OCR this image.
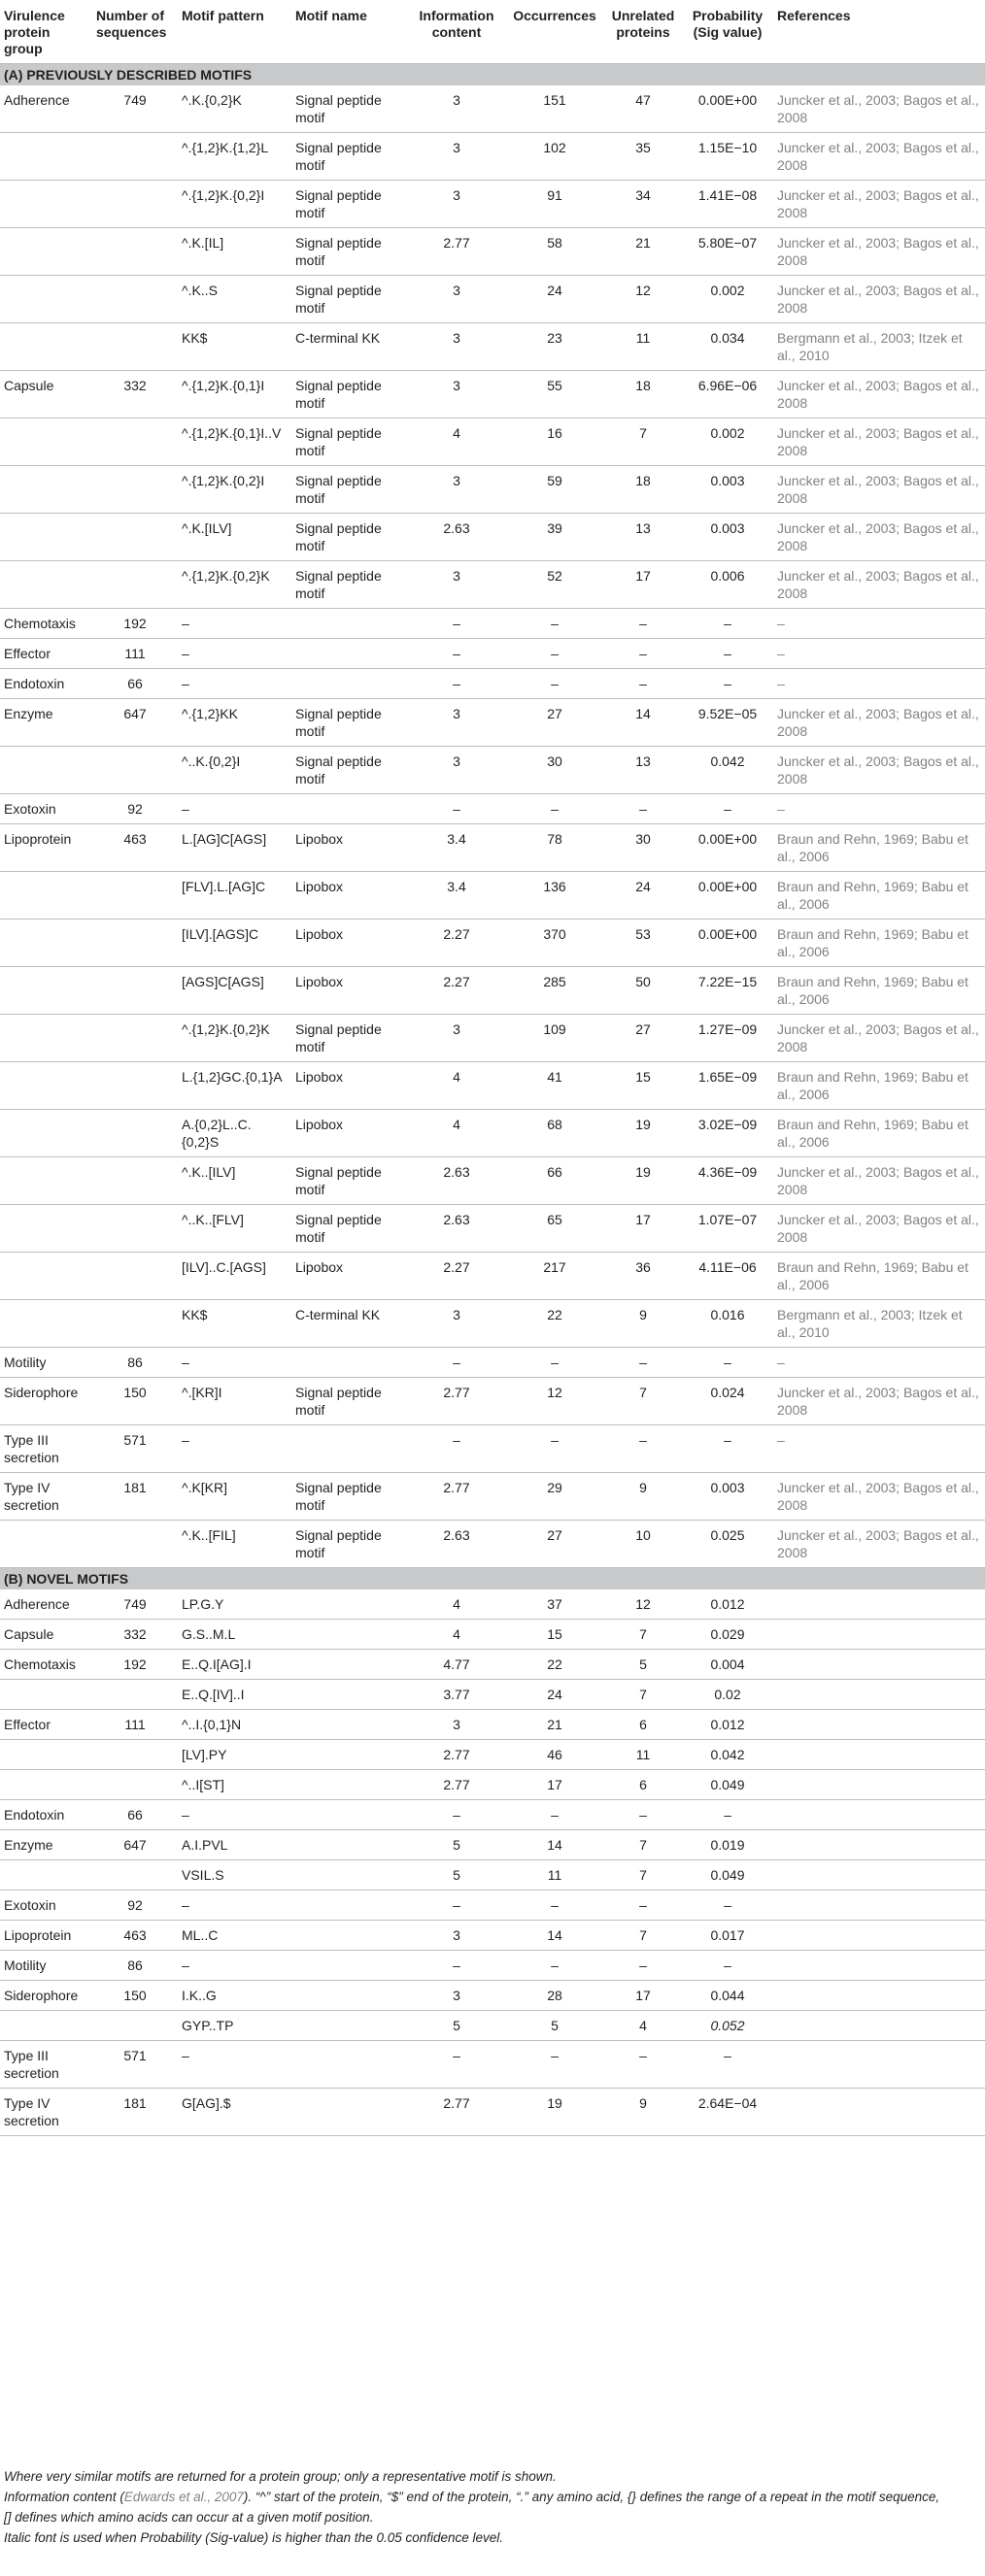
Virulence protein group	Number of sequences	Motif pattern	Motif name	Information content	Occurrences	Unrelated proteins	Probability (Sig value)	References
(A) PREVIOUSLY DESCRIBED MOTIFS								
Adherence	749	^.K.{0,2}K	Signal peptide motif	3	151	47	0.00E+00	Juncker et al., 2003; Bagos et al., 2008
		^.{1,2}K.{1,2}L	Signal peptide motif	3	102	35	1.15E−10	Juncker et al., 2003; Bagos et al., 2008
		^.{1,2}K.{0,2}I	Signal peptide motif	3	91	34	1.41E−08	Juncker et al., 2003; Bagos et al., 2008
		^.K.[IL]	Signal peptide motif	2.77	58	21	5.80E−07	Juncker et al., 2003; Bagos et al., 2008
		^.K..S	Signal peptide motif	3	24	12	0.002	Juncker et al., 2003; Bagos et al., 2008
		KK$	C-terminal KK	3	23	11	0.034	Bergmann et al., 2003; Itzek et al., 2010
Capsule	332	^.{1,2}K.{0,1}I	Signal peptide motif	3	55	18	6.96E−06	Juncker et al., 2003; Bagos et al., 2008
		^.{1,2}K.{0,1}I..V	Signal peptide motif	4	16	7	0.002	Juncker et al., 2003; Bagos et al., 2008
		^.{1,2}K.{0,2}I	Signal peptide motif	3	59	18	0.003	Juncker et al., 2003; Bagos et al., 2008
		^.K.[ILV]	Signal peptide motif	2.63	39	13	0.003	Juncker et al., 2003; Bagos et al., 2008
		^.{1,2}K.{0,2}K	Signal peptide motif	3	52	17	0.006	Juncker et al., 2003; Bagos et al., 2008
Chemotaxis	192	–		–	–	–	–	–
Effector	111	–		–	–	–	–	–
Endotoxin	66	–		–	–	–	–	–
Enzyme	647	^.{1,2}KK	Signal peptide motif	3	27	14	9.52E−05	Juncker et al., 2003; Bagos et al., 2008
		^..K.{0,2}I	Signal peptide motif	3	30	13	0.042	Juncker et al., 2003; Bagos et al., 2008
Exotoxin	92	–		–	–	–	–	–
Lipoprotein	463	L.[AG]C[AGS]	Lipobox	3.4	78	30	0.00E+00	Braun and Rehn, 1969; Babu et al., 2006
		[FLV].L.[AG]C	Lipobox	3.4	136	24	0.00E+00	Braun and Rehn, 1969; Babu et al., 2006
		[ILV].[AGS]C	Lipobox	2.27	370	53	0.00E+00	Braun and Rehn, 1969; Babu et al., 2006
		[AGS]C[AGS]	Lipobox	2.27	285	50	7.22E−15	Braun and Rehn, 1969; Babu et al., 2006
		^.{1,2}K.{0,2}K	Signal peptide motif	3	109	27	1.27E−09	Juncker et al., 2003; Bagos et al., 2008
		L.{1,2}GC.{0,1}A	Lipobox	4	41	15	1.65E−09	Braun and Rehn, 1969; Babu et al., 2006
		A.{0,2}L..C.{0,2}S	Lipobox	4	68	19	3.02E−09	Braun and Rehn, 1969; Babu et al., 2006
		^.K..[ILV]	Signal peptide motif	2.63	66	19	4.36E−09	Juncker et al., 2003; Bagos et al., 2008
		^..K..[FLV]	Signal peptide motif	2.63	65	17	1.07E−07	Juncker et al., 2003; Bagos et al., 2008
		[ILV]..C.[AGS]	Lipobox	2.27	217	36	4.11E−06	Braun and Rehn, 1969; Babu et al., 2006
		KK$	C-terminal KK	3	22	9	0.016	Bergmann et al., 2003; Itzek et al., 2010
Motility	86	–		–	–	–	–	–
Siderophore	150	^.[KR]I	Signal peptide motif	2.77	12	7	0.024	Juncker et al., 2003; Bagos et al., 2008
Type III secretion	571	–		–	–	–	–	–
Type IV secretion	181	^.K[KR]	Signal peptide motif	2.77	29	9	0.003	Juncker et al., 2003; Bagos et al., 2008
		^.K..[FIL]	Signal peptide motif	2.63	27	10	0.025	Juncker et al., 2003; Bagos et al., 2008
(B) NOVEL MOTIFS								
Adherence	749	LP.G.Y		4	37	12	0.012	
Capsule	332	G.S..M.L		4	15	7	0.029	
Chemotaxis	192	E..Q.I[AG].I		4.77	22	5	0.004	
		E..Q.[IV]..I		3.77	24	7	0.02	
Effector	111	^..I.{0,1}N		3	21	6	0.012	
		[LV].PY		2.77	46	11	0.042	
		^..I[ST]		2.77	17	6	0.049	
Endotoxin	66	–		–	–	–	–	
Enzyme	647	A.I.PVL		5	14	7	0.019	
		VSIL.S		5	11	7	0.049	
Exotoxin	92	–		–	–	–	–	
Lipoprotein	463	ML..C		3	14	7	0.017	
Motility	86	–		–	–	–	–	
Siderophore	150	I.K..G		3	28	17	0.044	
		GYP..TP		5	5	4	0.052	
Type III secretion	571	–		–	–	–	–	
Type IV secretion	181	G[AG].$		2.77	19	9	2.64E−04	
Where very similar motifs are returned for a protein group; only a representative motif is shown.
Information content (Edwards et al., 2007). “^” start of the protein, “$” end of the protein, “.” any amino acid, {} defines the range of a repeat in the motif sequence,
[] defines which amino acids can occur at a given motif position.
Italic font is used when Probability (Sig-value) is higher than the 0.05 confidence level.
